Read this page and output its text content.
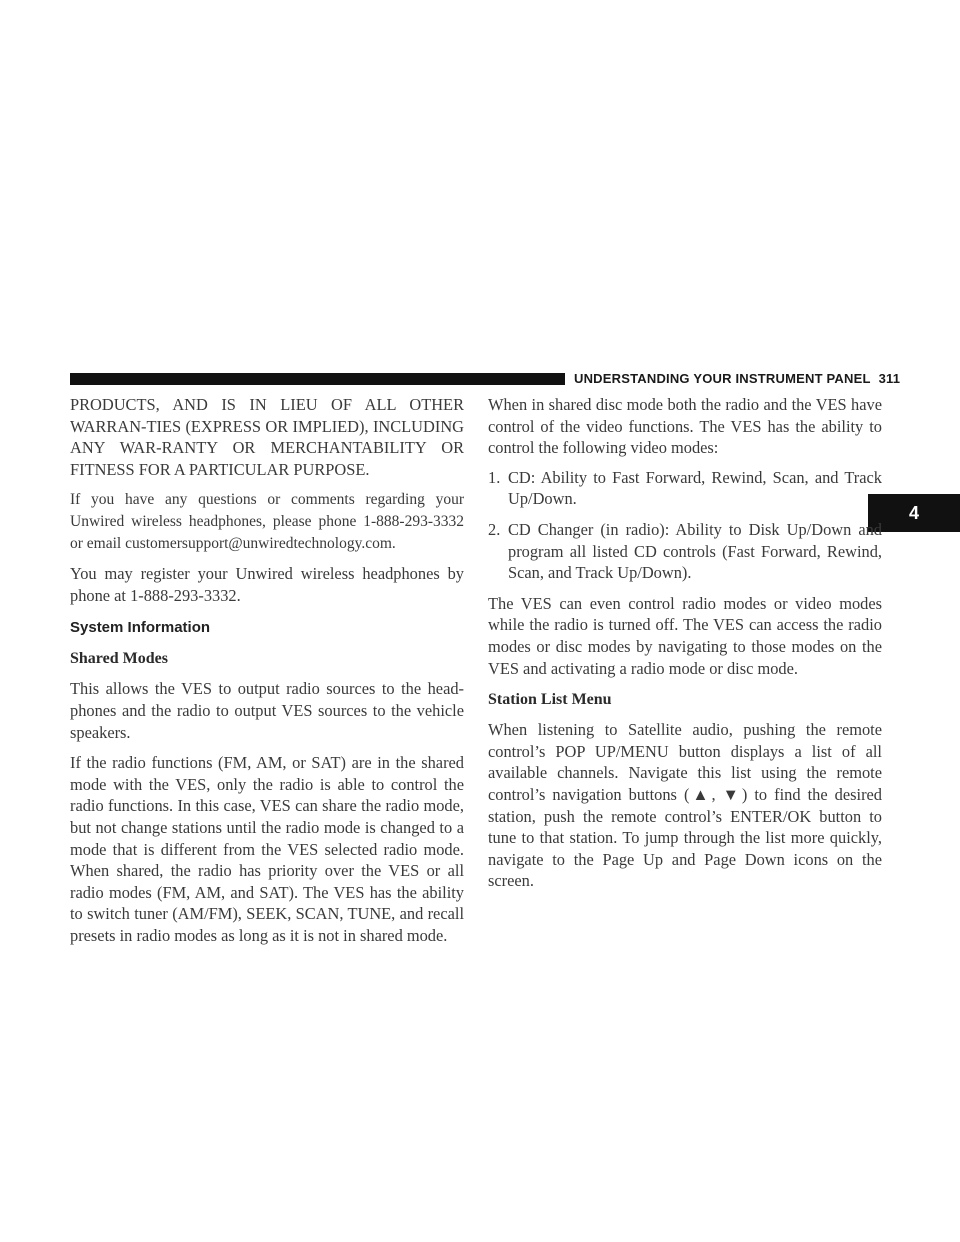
UNDERSTANDING YOUR INSTRUMENT PANEL 311
4

PRODUCTS, AND IS IN LIEU OF ALL OTHER WARRAN-TIES (EXPRESS OR IMPLIED), INCLUDING ANY WAR-RANTY OR MERCHANTABILITY OR FITNESS FOR A PARTICULAR PURPOSE.

If you have any questions or comments regarding your Unwired wireless headphones, please phone 1-888-293-3332 or email customersupport@unwiredtechnology.com.

You may register your Unwired wireless headphones by phone at 1-888-293-3332.

System Information
Shared Modes

This allows the VES to output radio sources to the head-phones and the radio to output VES sources to the vehicle speakers.

If the radio functions (FM, AM, or SAT) are in the shared mode with the VES, only the radio is able to control the radio functions. In this case, VES can share the radio mode, but not change stations until the radio mode is changed to a mode that is different from the VES selected radio mode. When shared, the radio has priority over the VES or all radio modes (FM, AM, and SAT). The VES has the ability to switch tuner (AM/FM), SEEK, SCAN, TUNE, and recall presets in radio modes as long as it is not in shared mode.

When in shared disc mode both the radio and the VES have control of the video functions. The VES has the ability to control the following video modes:

1. CD: Ability to Fast Forward, Rewind, Scan, and Track Up/Down.
2. CD Changer (in radio): Ability to Disk Up/Down and program all listed CD controls (Fast Forward, Rewind, Scan, and Track Up/Down).

The VES can even control radio modes or video modes while the radio is turned off. The VES can access the radio modes or disc modes by navigating to those modes on the VES and activating a radio mode or disc mode.

Station List Menu

When listening to Satellite audio, pushing the remote control’s POP UP/MENU button displays a list of all available channels. Navigate this list using the remote control’s navigation buttons (▲, ▼) to find the desired station, push the remote control’s ENTER/OK button to tune to that station. To jump through the list more quickly, navigate to the Page Up and Page Down icons on the screen.
